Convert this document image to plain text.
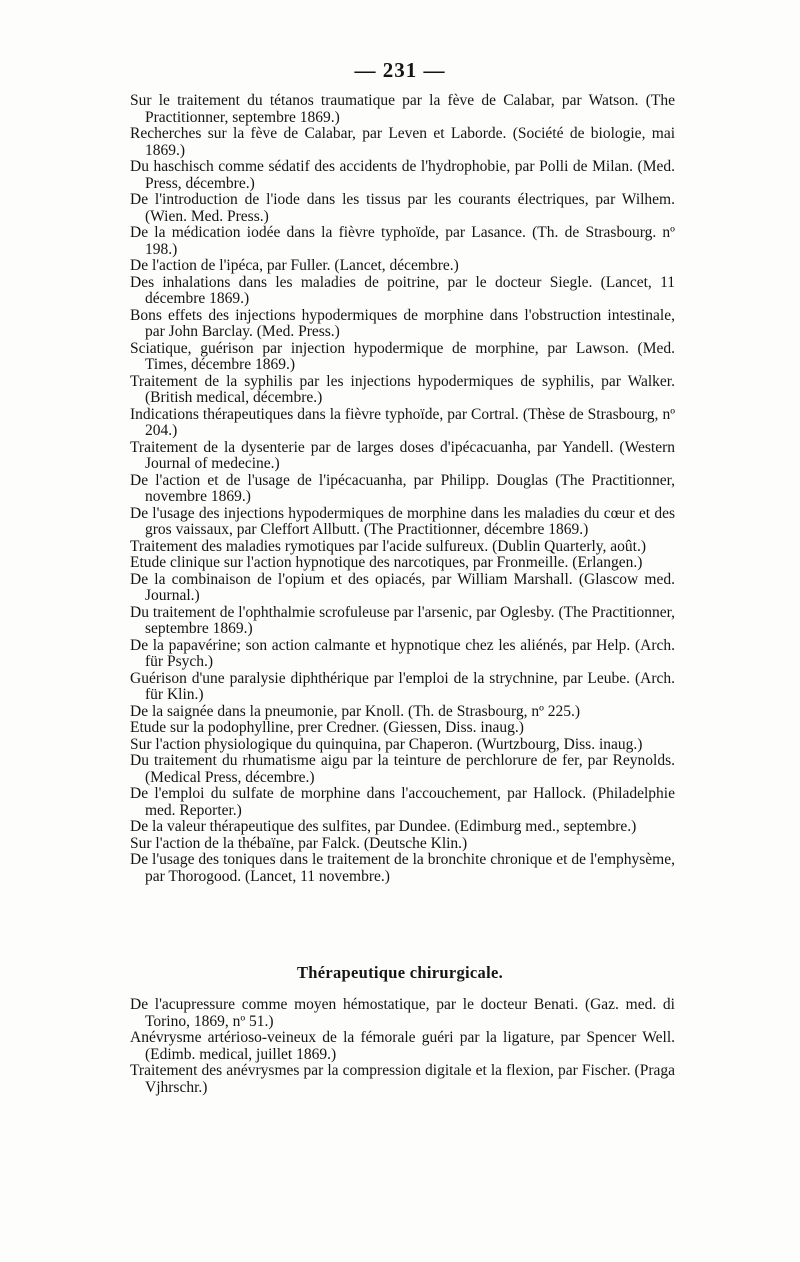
— 231 —
Sur le traitement du tétanos traumatique par la fève de Calabar, par Watson. (The Practitionner, septembre 1869.)
Recherches sur la fève de Calabar, par Leven et Laborde. (Société de biologie, mai 1869.)
Du haschisch comme sédatif des accidents de l'hydrophobie, par Polli de Milan. (Med. Press, décembre.)
De l'introduction de l'iode dans les tissus par les courants électriques, par Wilhem. (Wien. Med. Press.)
De la médication iodée dans la fièvre typhoïde, par Lasance. (Th. de Strasbourg. nº 198.)
De l'action de l'ipéca, par Fuller. (Lancet, décembre.)
Des inhalations dans les maladies de poitrine, par le docteur Siegle. (Lancet, 11 décembre 1869.)
Bons effets des injections hypodermiques de morphine dans l'obstruction intestinale, par John Barclay. (Med. Press.)
Sciatique, guérison par injection hypodermique de morphine, par Lawson. (Med. Times, décembre 1869.)
Traitement de la syphilis par les injections hypodermiques de syphilis, par Walker. (British medical, décembre.)
Indications thérapeutiques dans la fièvre typhoïde, par Cortral. (Thèse de Strasbourg, nº 204.)
Traitement de la dysenterie par de larges doses d'ipécacuanha, par Yandell. (Western Journal of medecine.)
De l'action et de l'usage de l'ipécacuanha, par Philipp. Douglas (The Practitionner, novembre 1869.)
De l'usage des injections hypodermiques de morphine dans les maladies du cœur et des gros vaissaux, par Cleffort Allbutt. (The Practitionner, décembre 1869.)
Traitement des maladies rymotiques par l'acide sulfureux. (Dublin Quarterly, août.)
Etude clinique sur l'action hypnotique des narcotiques, par Fronmeille. (Erlangen.)
De la combinaison de l'opium et des opiacés, par William Marshall. (Glascow med. Journal.)
Du traitement de l'ophthalmie scrofuleuse par l'arsenic, par Oglesby. (The Practitionner, septembre 1869.)
De la papavérine; son action calmante et hypnotique chez les aliénés, par Help. (Arch. für Psych.)
Guérison d'une paralysie diphthérique par l'emploi de la strychnine, par Leube. (Arch. für Klin.)
De la saignée dans la pneumonie, par Knoll. (Th. de Strasbourg, nº 225.)
Etude sur la podophylline, prer Credner. (Giessen, Diss. inaug.)
Sur l'action physiologique du quinquina, par Chaperon. (Wurtzbourg, Diss. inaug.)
Du traitement du rhumatisme aigu par la teinture de perchlorure de fer, par Reynolds. (Medical Press, décembre.)
De l'emploi du sulfate de morphine dans l'accouchement, par Hallock. (Philadelphie med. Reporter.)
De la valeur thérapeutique des sulfites, par Dundee. (Edimburg med., septembre.)
Sur l'action de la thébaïne, par Falck. (Deutsche Klin.)
De l'usage des toniques dans le traitement de la bronchite chronique et de l'emphysème, par Thorogood. (Lancet, 11 novembre.)
Thérapeutique chirurgicale.
De l'acupressure comme moyen hémostatique, par le docteur Benati. (Gaz. med. di Torino, 1869, nº 51.)
Anévrysme artérioso-veineux de la fémorale guéri par la ligature, par Spencer Well. (Edimb. medical, juillet 1869.)
Traitement des anévrysmes par la compression digitale et la flexion, par Fischer. (Praga Vjhrschr.)
